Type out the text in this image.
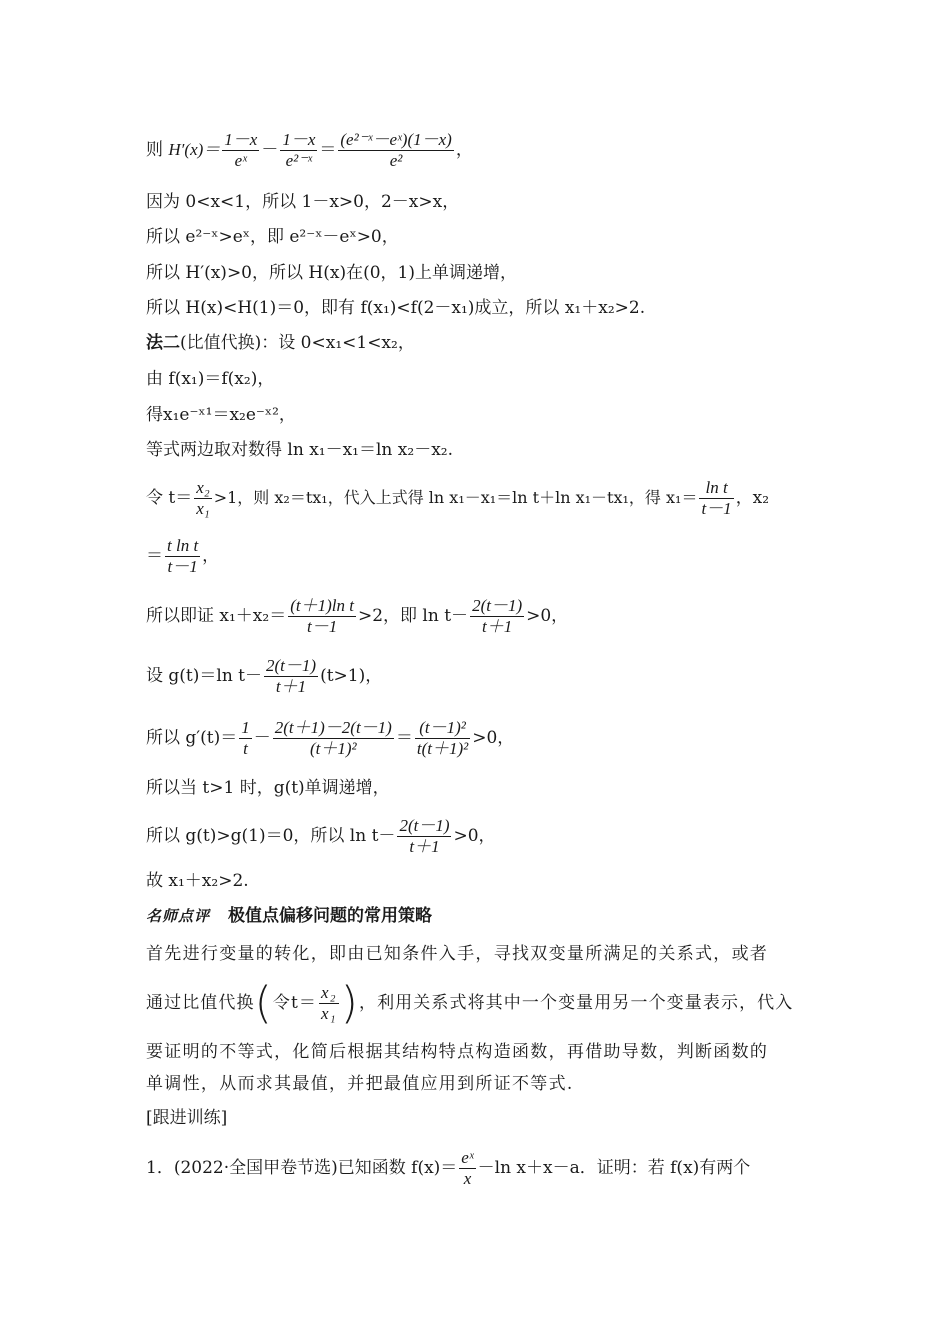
则 $H'(x)= \frac{1-x}{\text{eˣ}} - \frac{1-x}{\text{e²⁻ˣ}} = \frac{\text{(e²⁻ˣ－eˣ)(1－x)}}{\text{e²}}$ ，
因为 0<x<1，所以 1－x>0，2－x>x，
所以 e²⁻ˣ>eˣ，即 e²⁻ˣ－eˣ>0，
所以 H′(x)>0，所以 H(x)在(0，1)上单调递增，
所以 H(x)<H(1)＝0，即有 f(x₁)<f(2－x₁)成立，所以 x₁＋x₂>2.
法二(比值代换)：设 0<x₁<1<x₂，
由 f(x₁)＝f(x₂)，
得x₁e⁻ˣ¹＝x₂e⁻ˣ²，
等式两边取对数得 ln x₁－x₁＝ln x₂－x₂.
令 $t= \frac{\text{x₂}}{\text{x₁}} >1$，则 x₂＝tx₁，代入上式得 ln x₁－x₁＝ln t＋ln x₁－tx₁，得 $x_1= \frac{\text{ln t}}{t-1}$ ，x₂
＝ $\frac{\text{t ln t}}{t-1}$ ，
所以即证 $x_1+x_2= \frac{\text{(t＋1)ln t}}{t-1} >2$，即 $\ln t- \frac{2(t-1)}{t+1} >0$，
设 g(t)＝ln $t- \frac{2(t-1)}{t+1} (t>1)$，
所以 $g'(t)= \frac{1}{t} - \frac{2(t+1)-2(t-1)}{\text{(t＋1)²}} = \frac{\text{(t－1)²}}{\text{t(t＋1)²}} >0$，
所以当 t>1 时，g(t)单调递增，
所以 g(t)>g(1)＝0，所以 $\ln t- \frac{2(t-1)}{t+1} >0$，
故 x₁＋x₂>2.
名师点评 极值点偏移问题的常用策略
首先进行变量的转化，即由已知条件入手，寻找双变量所满足的关系式，或者
通过比值代换(令$t= \frac{\text{x₂}}{\text{x₁}}$ )，利用关系式将其中一个变量用另一个变量表示，代入
要证明的不等式，化简后根据其结构特点构造函数，再借助导数，判断函数的
单调性，从而求其最值，并把最值应用到所证不等式.
[跟进训练]
1．(2022·全国甲卷节选)已知函数 $f(x)= \frac{\text{eˣ}}{x} -\ln$ x＋x－a．证明：若 f(x)有两个
